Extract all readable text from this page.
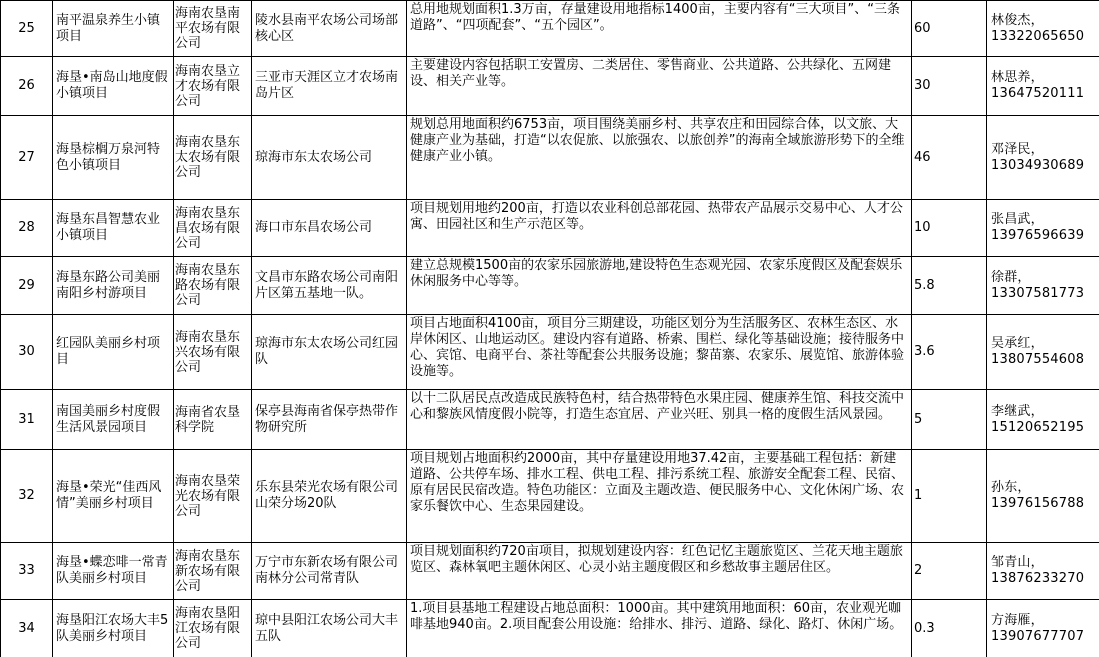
25	南平温泉养生小镇项目	海南农垦南平农场有限公司	陵水县南平农场公司场部核心区	总用地规划面积1.3万亩，存量建设用地指标1400亩，主要内容有“三大项目”、“三条道路”、“四项配套”、“五个园区”。	60	林俊杰，
13322065650

26	海垦•南岛山地度假小镇项目	海南农垦立才农场有限公司	三亚市天涯区立才农场南岛片区	主要建设内容包括职工安置房、二类居住、零售商业、公共道路、公共绿化、五网建设、相关产业等。	30	林思养，
13647520111

27	海垦棕榈万泉河特色小镇项目	海南农垦东太农场有限公司	琼海市东太农场公司	规划总用地面积约6753亩，项目围绕美丽乡村、共享农庄和田园综合体，以文旅、大健康产业为基础，打造“以农促旅、以旅强农、以旅创养”的海南全域旅游形势下的全维健康产业小镇。	46	邓泽民，
13034930689

28	海垦东昌智慧农业小镇项目	海南农垦东昌农场有限公司	海口市东昌农场公司	项目规划用地约200亩，打造以农业科创总部花园、热带农产品展示交易中心、人才公寓、田园社区和生产示范区等。	10	张昌武，
13976596639

29	海垦东路公司美丽南阳乡村游项目	海南农垦东路农场有限公司	文昌市东路农场公司南阳片区第五基地一队。	建立总规模1500亩的农家乐园旅游地,建设特色生态观光园、农家乐度假区及配套娱乐休闲服务中心等等。	5.8	徐群，
13307581773

30	红园队美丽乡村项目	海南农垦东兴农场有限公司	琼海市东太农场公司红园队	项目占地面积4100亩，项目分三期建设，功能区划分为生活服务区、农林生态区、水岸休闲区、山地运动区。建设内容有道路、桥索、围栏、绿化等基础设施；接待服务中心、宾馆、电商平台、茶社等配套公共服务设施；黎苗寨、农家乐、展览馆、旅游体验设施等。	3.6	吴承红，
13807554608

31	南国美丽乡村度假生活风景园项目	海南省农垦科学院	保亭县海南省保亭热带作物研究所	以十二队居民点改造成民族特色村，结合热带特色水果庄园、健康养生馆、科技交流中心和黎族风情度假小院等，打造生态宜居、产业兴旺、别具一格的度假生活风景园。	5	李继武，
15120652195

32	海垦•荣光“佳西风情”美丽乡村项目	海南农垦荣光农场有限公司	乐东县荣光农场有限公司山荣分场20队	项目规划占地面积约2000亩，其中存量建设用地37.42亩，主要基础工程包括：新建道路、公共停车场、排水工程、供电工程、排污系统工程、旅游安全配套工程、民宿、原有居民民宿改造。特色功能区：立面及主题改造、便民服务中心、文化休闲广场、农家乐餐饮中心、生态果园建设。	1	孙东，
13976156788

33	海垦•蝶恋啡一常青队美丽乡村项目	海南农垦东新农场有限公司	万宁市东新农场有限公司南林分公司常青队	项目规划面积约720亩项目，拟规划建设内容：红色记忆主题旅览区、兰花天地主题旅览区、森林氧吧主题休闲区、心灵小站主题度假区和乡愁故事主题居住区。	2	邹青山，
13876233270

34	海垦阳江农场大丰5队美丽乡村项目	海南农垦阳江农场有限公司	琼中县阳江农场公司大丰五队	1.项目县基地工程建设占地总面积：1000亩。其中建筑用地面积：60亩，农业观光咖啡基地940亩。2.项目配套公用设施：给排水、排污、道路、绿化、路灯、休闲广场。	0.3	方海雁，
13907677707
